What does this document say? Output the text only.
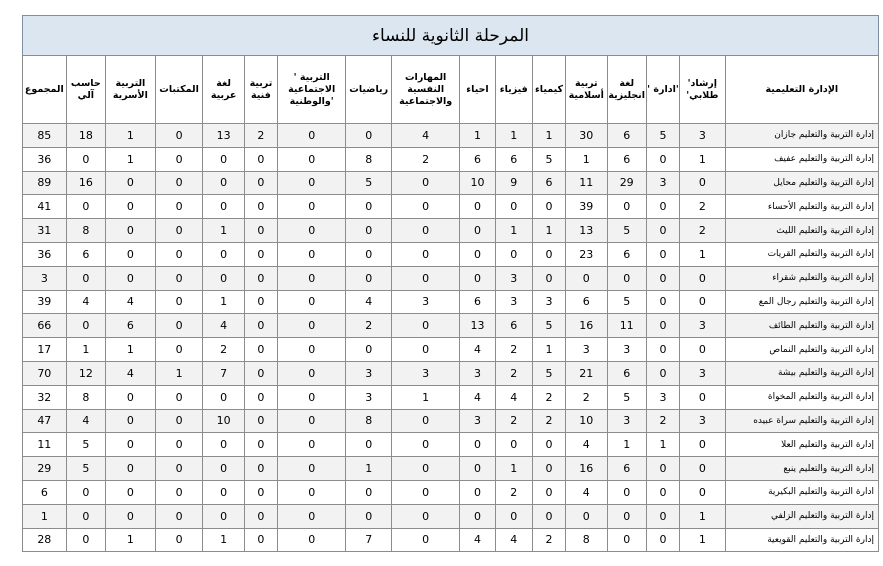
المرحلة الثانوية للنساء
الإدارة التعليمية	إرشاد' طلابي'	'ادارة '	لغة انجليزية	تربية أسلامية	كيمياء	فيزياء	احياء	المهارات النفسية والاجتماعية	رياضيات	التربية ' الاجتماعية 'والوطنية	تربية فنية	لغة عربية	المكتبات	التربية الأسرية	حاسب آلي	المجموع
إدارة التربية والتعليم جازان	3	5	6	30	1	1	1	4	0	0	2	13	0	1	18	85
إدارة التربية والتعليم عفيف	1	0	6	1	5	6	6	2	8	0	0	0	0	1	0	36
إدارة التربية والتعليم محايل	0	3	29	11	6	9	10	0	5	0	0	0	0	0	16	89
إدارة التربية والتعليم الأحساء	2	0	0	39	0	0	0	0	0	0	0	0	0	0	0	41
إدارة التربية والتعليم الليث	2	0	5	13	1	1	0	0	0	0	0	1	0	0	8	31
إدارة التربية والتعليم القريات	1	0	6	23	0	0	0	0	0	0	0	0	0	0	6	36
إدارة التربية والتعليم شقراء	0	0	0	0	0	3	0	0	0	0	0	0	0	0	0	3
إدارة التربية والتعليم رجال المع	0	0	5	6	3	3	6	3	4	0	0	1	0	4	4	39
إدارة التربية والتعليم الطائف	3	0	11	16	5	6	13	0	2	0	0	4	0	6	0	66
إدارة التربية والتعليم النماص	0	0	3	3	1	2	4	0	0	0	0	2	0	1	1	17
إدارة التربية والتعليم بيشة	3	0	6	21	5	2	3	3	3	0	0	7	1	4	12	70
إدارة التربية والتعليم المخواة	0	3	5	2	2	4	4	1	3	0	0	0	0	0	8	32
إدارة التربية والتعليم سراة عبيده	3	2	3	10	2	2	3	0	8	0	0	10	0	0	4	47
إدارة التربية والتعليم العلا	0	1	1	4	0	0	0	0	0	0	0	0	0	0	5	11
إدارة التربية والتعليم ينبع	0	0	6	16	0	1	0	0	1	0	0	0	0	0	5	29
ادارة التربية والتعليم البكيرية	0	0	0	4	0	2	0	0	0	0	0	0	0	0	0	6
إدارة التربية والتعليم الزلفي	1	0	0	0	0	0	0	0	0	0	0	0	0	0	0	1
إدارة التربية والتعليم القويعية	1	0	0	8	2	4	4	0	7	0	0	1	0	1	0	28
